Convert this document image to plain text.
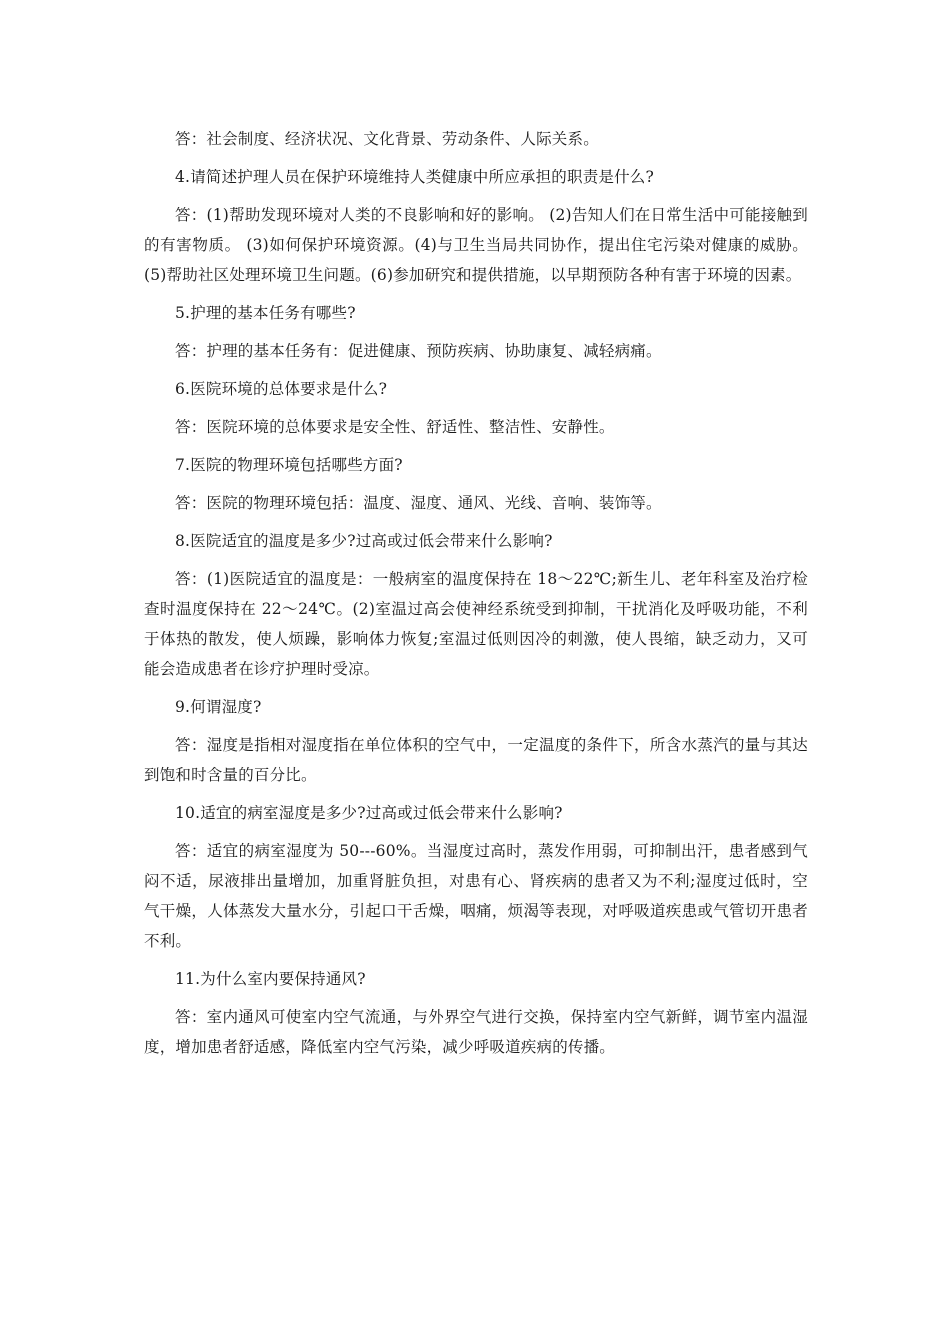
答：社会制度、经济状况、文化背景、劳动条件、人际关系。

4.请简述护理人员在保护环境维持人类健康中所应承担的职责是什么?

答：(1)帮助发现环境对人类的不良影响和好的影响。 (2)告知人们在日常生活中可能接触到的有害物质。 (3)如何保护环境资源。(4)与卫生当局共同协作，提出住宅污染对健康的威胁。 (5)帮助社区处理环境卫生问题。(6)参加研究和提供措施，以早期预防各种有害于环境的因素。

5.护理的基本任务有哪些?

答：护理的基本任务有：促进健康、预防疾病、协助康复、减轻病痛。

6.医院环境的总体要求是什么?

答：医院环境的总体要求是安全性、舒适性、整洁性、安静性。

7.医院的物理环境包括哪些方面?

答：医院的物理环境包括：温度、湿度、通风、光线、音响、装饰等。

8.医院适宜的温度是多少?过高或过低会带来什么影响?

答：(1)医院适宜的温度是：一般病室的温度保持在 18～22℃;新生儿、老年科室及治疗检查时温度保持在 22～24℃。(2)室温过高会使神经系统受到抑制，干扰消化及呼吸功能，不利于体热的散发，使人烦躁，影响体力恢复;室温过低则因冷的刺激，使人畏缩，缺乏动力，又可能会造成患者在诊疗护理时受凉。

9.何谓湿度?

答：湿度是指相对湿度指在单位体积的空气中，一定温度的条件下，所含水蒸汽的量与其达到饱和时含量的百分比。

10.适宜的病室湿度是多少?过高或过低会带来什么影响?

答：适宜的病室湿度为 50---60%。当湿度过高时，蒸发作用弱，可抑制出汗，患者感到气闷不适，尿液排出量增加，加重肾脏负担，对患有心、肾疾病的患者又为不利;湿度过低时，空气干燥，人体蒸发大量水分，引起口干舌燥，咽痛，烦渴等表现，对呼吸道疾患或气管切开患者不利。

11.为什么室内要保持通风?

答：室内通风可使室内空气流通，与外界空气进行交换，保持室内空气新鲜，调节室内温湿度，增加患者舒适感，降低室内空气污染，减少呼吸道疾病的传播。
